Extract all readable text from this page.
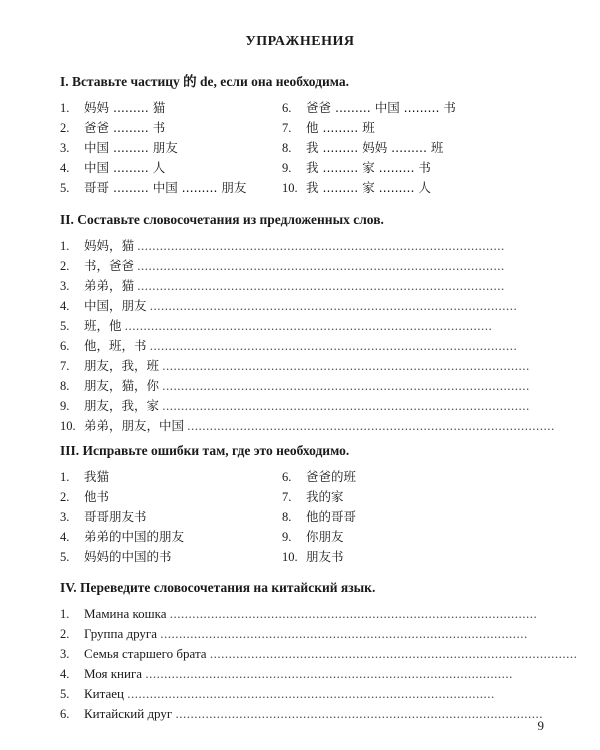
УПРАЖНЕНИЯ
I. Вставьте частицу 的 de, если она необходима.
1. 妈妈 ......... 猫
2. 爸爸 ......... 书
3. 中国 ......... 朋友
4. 中国 ......... 人
5. 哥哥 ......... 中国 ......... 朋友
6. 爸爸 ......... 中国 ......... 书
7. 他 ......... 班
8. 我 ......... 妈妈 ......... 班
9. 我 ......... 家 ......... 书
10. 我 ......... 家 ......... 人
II. Составьте словосочетания из предложенных слов.
1. 妈妈，猫 ..................................................................................................
2. 书，爸爸 ..................................................................................................
3. 弟弟，猫 ..................................................................................................
4. 中国，朋友 ..................................................................................................
5. 班，他 ..................................................................................................
6. 他，班，书 ..................................................................................................
7. 朋友，我，班 ..................................................................................................
8. 朋友，猫，你 ..................................................................................................
9. 朋友，我，家 ..................................................................................................
10. 弟弟，朋友，中国 ..................................................................................................
III. Исправьте ошибки там, где это необходимо.
1. 我猫
2. 他书
3. 哥哥朋友书
4. 弟弟的中国的朋友
5. 妈妈的中国的书
6. 爸爸的班
7. 我的家
8. 他的哥哥
9. 你朋友
10. 朋友书
IV. Переведите словосочетания на китайский язык.
1. Мамина кошка ..................................................................................................
2. Группа друга ..................................................................................................
3. Семья старшего брата ..................................................................................................
4. Моя книга ..................................................................................................
5. Китаец ..................................................................................................
6. Китайский друг ..................................................................................................
9
